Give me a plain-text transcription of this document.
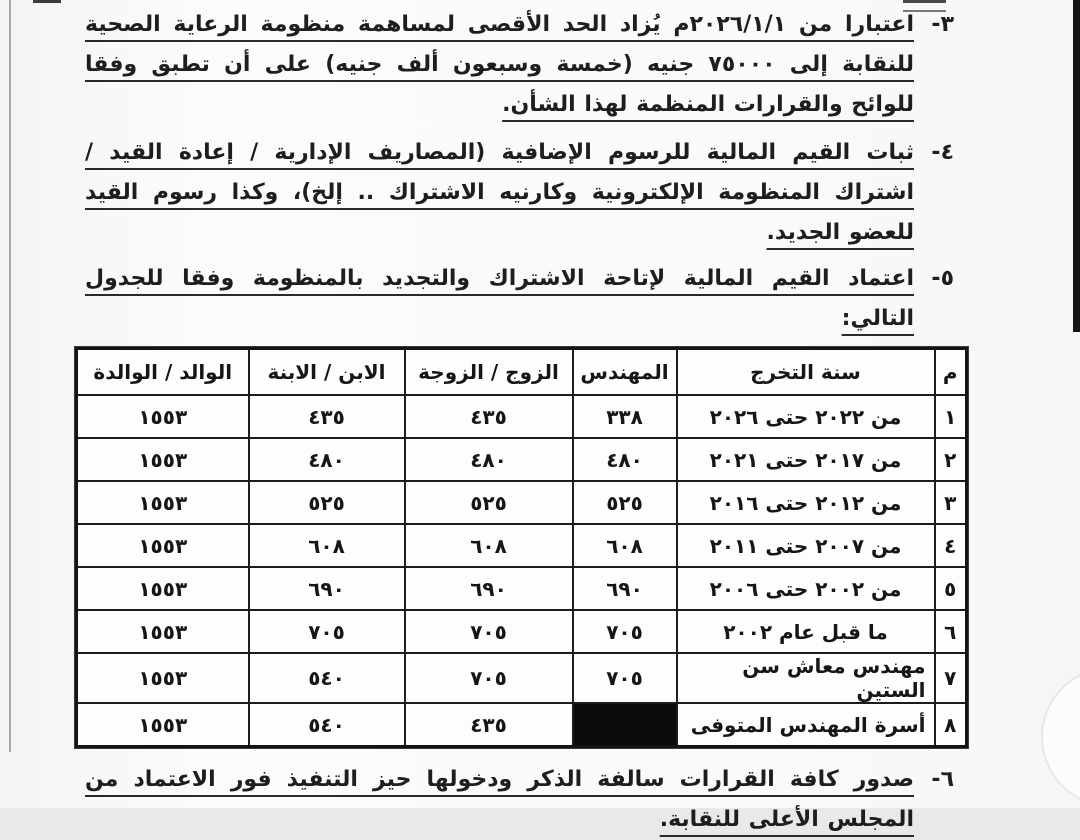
٣-

اعتبارا من ٢٠٢٦/١/١م يُزاد الحد الأقصى لمساهمة منظومة الرعاية الصحية للنقابة إلى ٧٥٠٠٠ جنيه (خمسة وسبعون ألف جنيه) على أن تطبق وفقا للوائح والقرارات المنظمة لهذا الشأن.

٤-

ثبات القيم المالية للرسوم الإضافية (المصاريف الإدارية / إعادة القيد / اشتراك المنظومة الإلكترونية وكارنيه الاشتراك .. إلخ)، وكذا رسوم القيد للعضو الجديد.

٥-

اعتماد القيم المالية لإتاحة الاشتراك والتجديد بالمنظومة وفقا للجدول التالي:

م	سنة التخرج	المهندس	الزوج / الزوجة	الابن / الابنة	الوالد / الوالدة
١	من ٢٠٢٢ حتى ٢٠٢٦	٣٣٨	٤٣٥	٤٣٥	١٥٥٣
٢	من ٢٠١٧ حتى ٢٠٢١	٤٨٠	٤٨٠	٤٨٠	١٥٥٣
٣	من ٢٠١٢ حتى ٢٠١٦	٥٢٥	٥٢٥	٥٢٥	١٥٥٣
٤	من ٢٠٠٧ حتى ٢٠١١	٦٠٨	٦٠٨	٦٠٨	١٥٥٣
٥	من ٢٠٠٢ حتى ٢٠٠٦	٦٩٠	٦٩٠	٦٩٠	١٥٥٣
٦	ما قبل عام ٢٠٠٢	٧٠٥	٧٠٥	٧٠٥	١٥٥٣
٧	مهندس معاش سن الستين	٧٠٥	٧٠٥	٥٤٠	١٥٥٣
٨	أسرة المهندس المتوفى		٤٣٥	٥٤٠	١٥٥٣
٦-

صدور كافة القرارات سالفة الذكر ودخولها حيز التنفيذ فور الاعتماد من المجلس الأعلى للنقابة.
